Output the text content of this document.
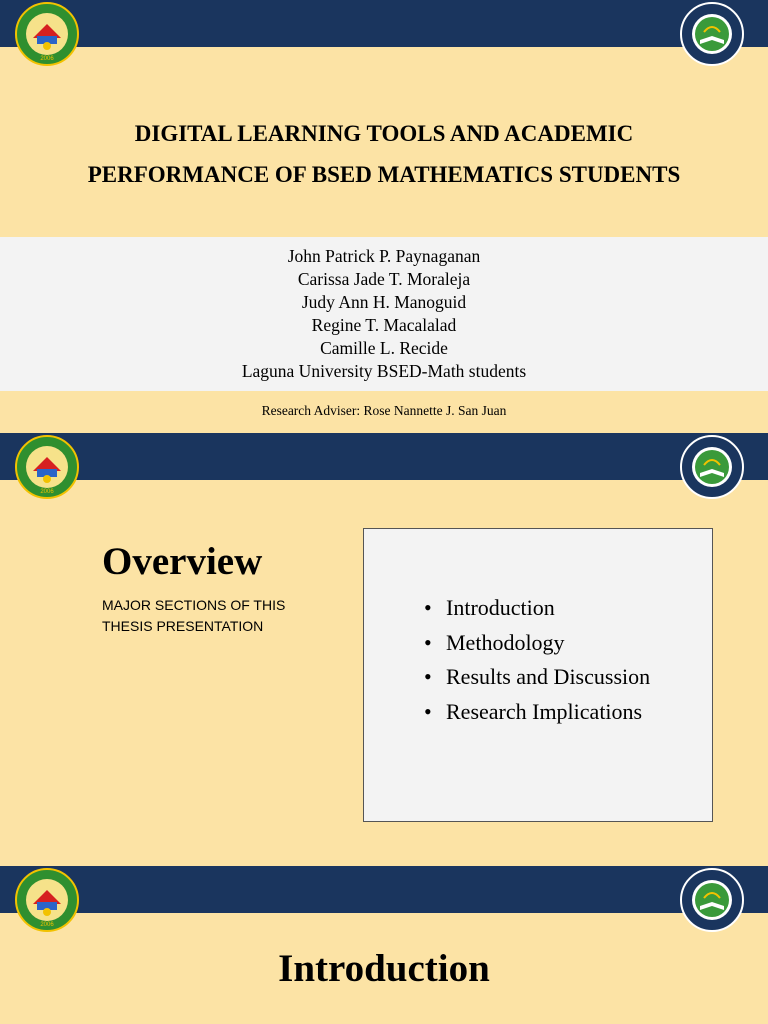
2006
DIGITAL LEARNING TOOLS AND ACADEMIC
PERFORMANCE OF BSED MATHEMATICS STUDENTS
John Patrick P. Paynaganan
Carissa Jade T. Moraleja
Judy Ann H. Manoguid
Regine T. Macalalad
Camille L. Recide
Laguna University BSED-Math students
Research Adviser: Rose Nannette J. San Juan
2006
Overview
MAJOR SECTIONS OF THIS THESIS PRESENTATION
• Introduction
• Methodology
• Results and Discussion
• Research Implications
2006
Introduction
